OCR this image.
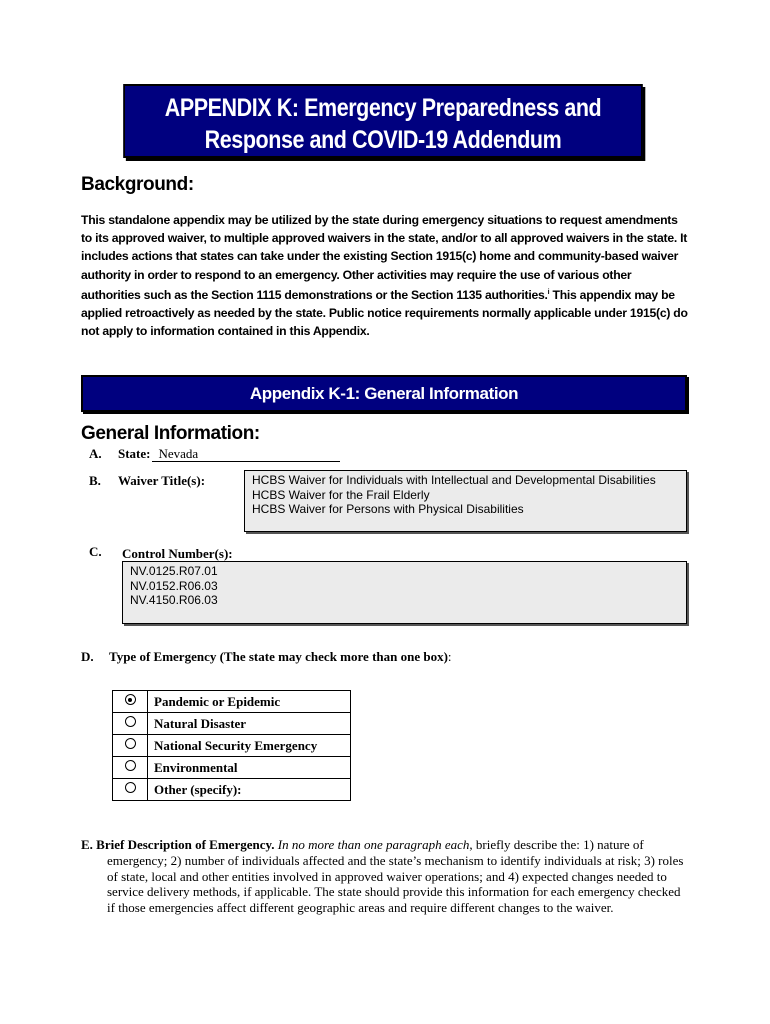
APPENDIX K: Emergency Preparedness and
Response and COVID-19 Addendum
Background:
This standalone appendix may be utilized by the state during emergency situations to request amendments to its approved waiver, to multiple approved waivers in the state, and/or to all approved waivers in the state. It includes actions that states can take under the existing Section 1915(c) home and community-based waiver authority in order to respond to an emergency. Other activities may require the use of various other authorities such as the Section 1115 demonstrations or the Section 1135 authorities.$^i$ This appendix may be applied retroactively as needed by the state. Public notice requirements normally applicable under 1915(c) do not apply to information contained in this Appendix.
Appendix K-1: General Information
General Information:
A. State: Nevada
B. Waiver Title(s):	HCBS Waiver for Individuals with Intellectual and Developmental Disabilities
HCBS Waiver for the Frail Elderly
HCBS Waiver for Persons with Physical Disabilities
C. Control Number(s):
NV.0125.R07.01
NV.0152.R06.03
NV.4150.R06.03
D. Type of Emergency (The state may check more than one box):
	Pandemic or Epidemic
	Natural Disaster
	National Security Emergency
	Environmental
	Other (specify):
E. Brief Description of Emergency. In no more than one paragraph each, briefly describe the: 1) nature of emergency; 2) number of individuals affected and the state’s mechanism to identify individuals at risk; 3) roles of state, local and other entities involved in approved waiver operations; and 4) expected changes needed to service delivery methods, if applicable. The state should provide this information for each emergency checked if those emergencies affect different geographic areas and require different changes to the waiver.
